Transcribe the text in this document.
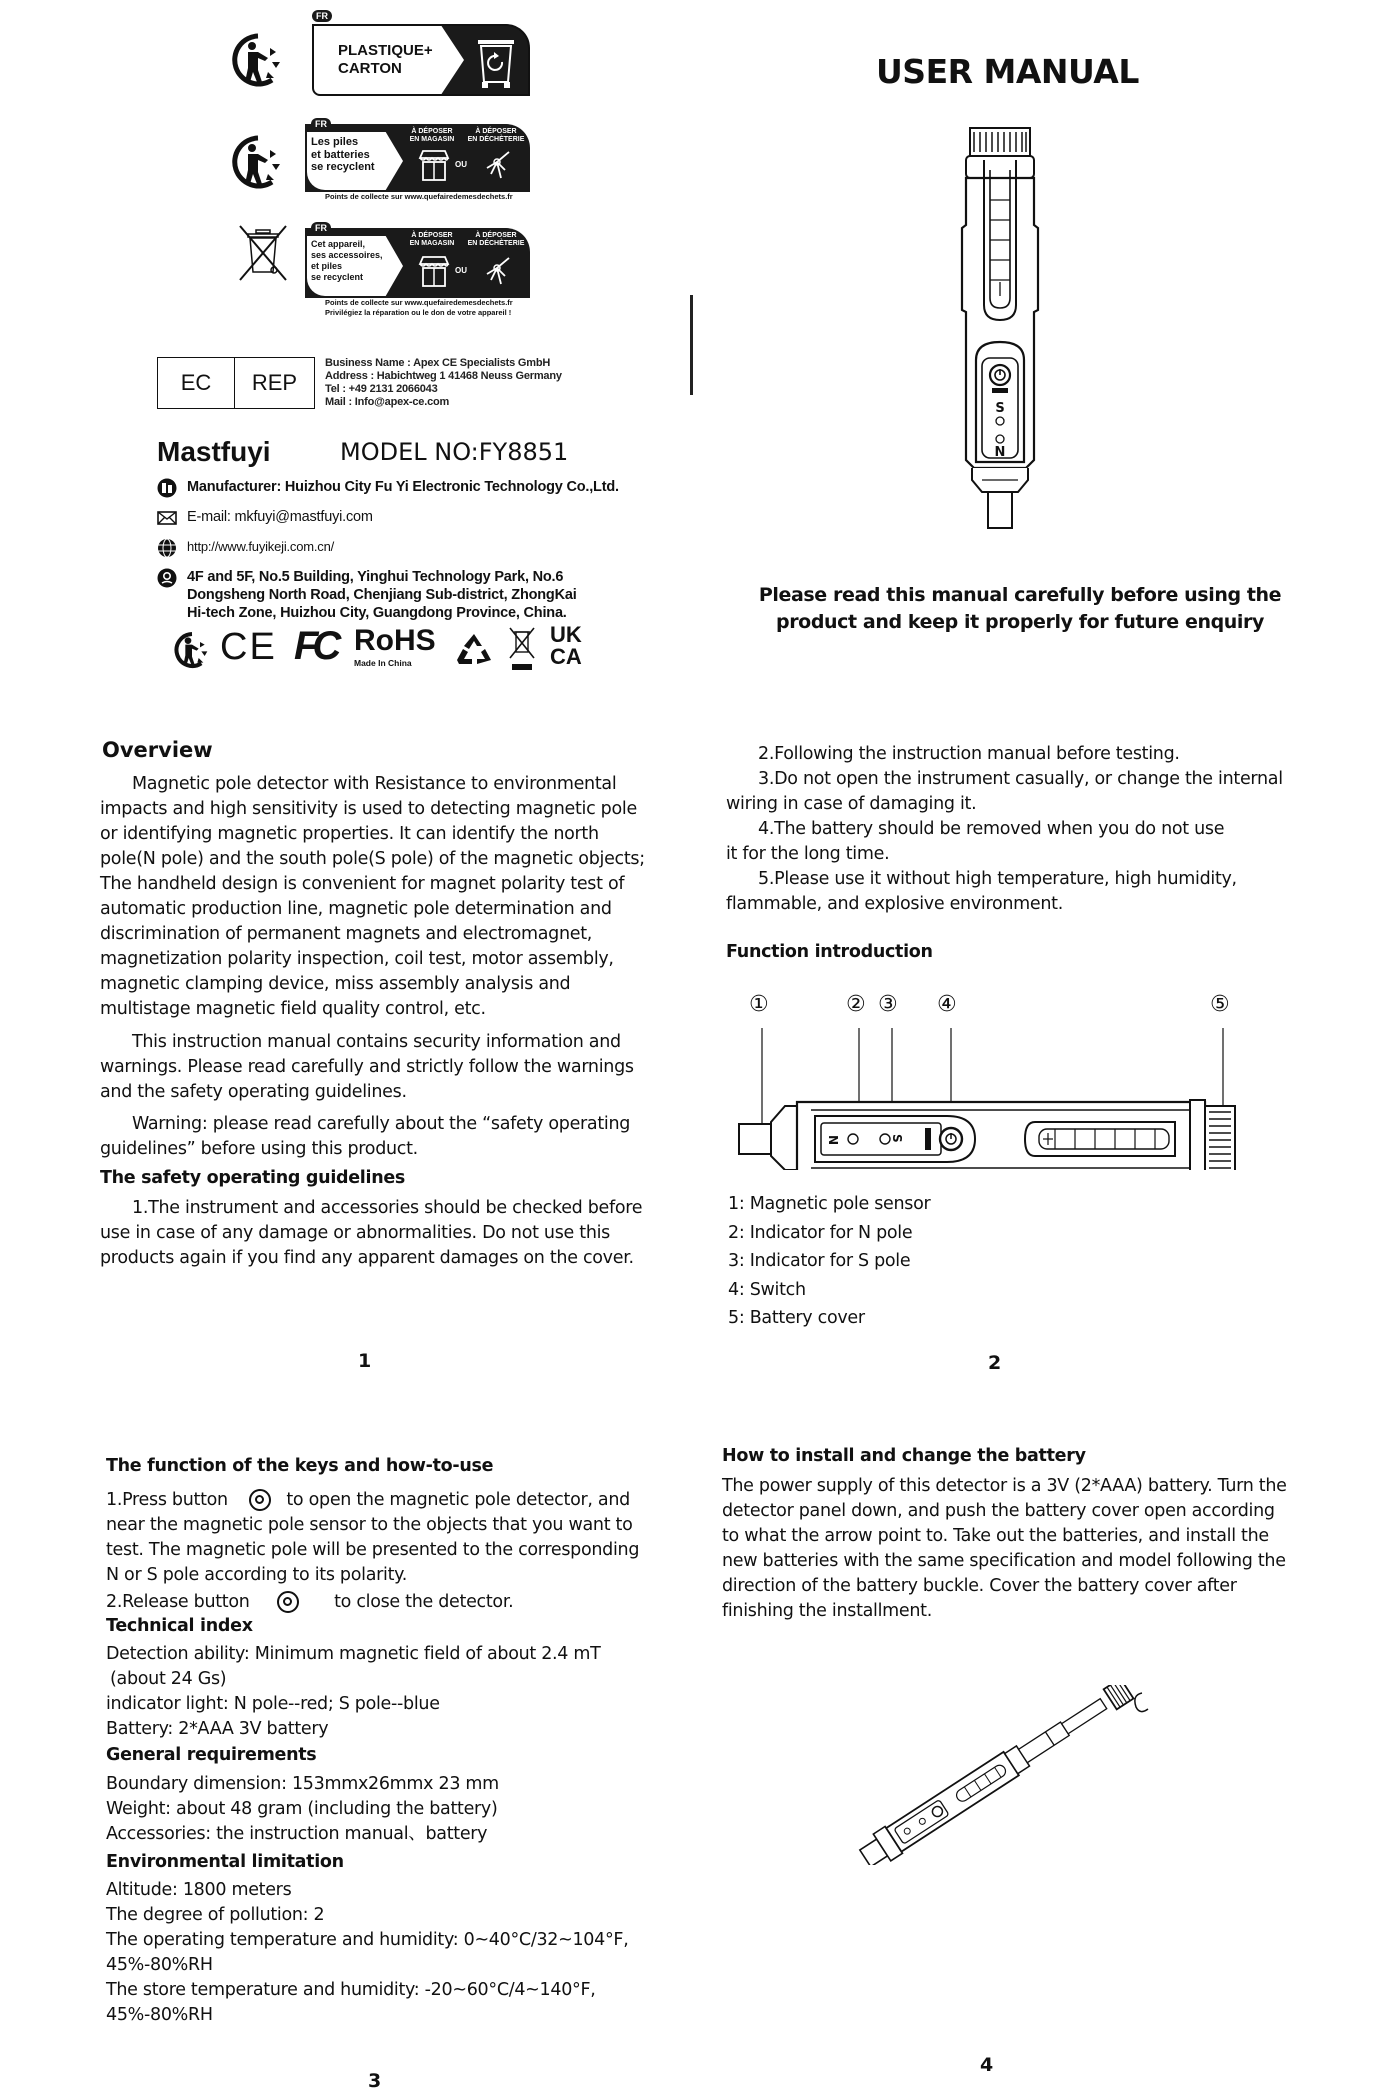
FR
PLASTIQUE+
CARTON
FR
Les piles
et batteries
se recyclent
À DÉPOSER
EN MAGASIN
À DÉPOSER
EN DÉCHÈTERIE
OU
Points de collecte sur www.quefairedemesdechets.fr
FR
Cet appareil,
ses accessoires,
et piles
se recyclent
À DÉPOSER
EN MAGASIN
À DÉPOSER
EN DÉCHÈTERIE
OU
Points de collecte sur www.quefairedemesdechets.fr
Privilégiez la réparation ou le don de votre appareil !
EC	REP
Business Name : Apex CE Specialists GmbH
Address : Habichtweg 1 41468 Neuss Germany
Tel : +49 2131 2066043
Mail : Info@apex-ce.com
Mastfuyi	MODEL NO:FY8851
Manufacturer: Huizhou City Fu Yi Electronic Technology Co.,Ltd.
E-mail: mkfuyi@mastfuyi.com
http://www.fuyikeji.com.cn/
4F and 5F, No.5 Building, Yinghui Technology Park, No.6
Dongsheng North Road, Chenjiang Sub-district, ZhongKai
Hi-tech Zone, Huizhou City, Guangdong Province, China.
CE FC RoHS
Made In China
UK
CA
USER MANUAL
S
N
Please read this manual carefully before using the
product and keep it properly for future enquiry
Overview
Magnetic pole detector with Resistance to environmental impacts and high sensitivity is used to detecting magnetic pole or identifying magnetic properties. It can identify the north pole(N pole) and the south pole(S pole) of the magnetic objects; The handheld design is convenient for magnet polarity test of automatic production line, magnetic pole determination and discrimination of permanent magnets and electromagnet, magnetization polarity inspection, coil test, motor assembly, magnetic clamping device, miss assembly analysis and multistage magnetic field quality control, etc.
This instruction manual contains security information and warnings. Please read carefully and strictly follow the warnings and the safety operating guidelines.
Warning: please read carefully about the “safety operating guidelines” before using this product.
The safety operating guidelines
1.The instrument and accessories should be checked before use in case of any damage or abnormalities. Do not use this products again if you find any apparent damages on the cover.
1
2.Following the instruction manual before testing.
3.Do not open the instrument casually, or change the internal wiring in case of damaging it.
4.The battery should be removed when you do not use
it for the long time.
5.Please use it without high temperature, high humidity, flammable, and explosive environment.
Function introduction
①	② ③ ④	⑤
N	S
1: Magnetic pole sensor
2: Indicator for N pole
3: Indicator for S pole
4: Switch
5: Battery cover
2
The function of the keys and how-to-use
1.Press button	to open the magnetic pole detector, and near the magnetic pole sensor to the objects that you want to test. The magnetic pole will be presented to the corresponding N or S pole according to its polarity.
2.Release button	to close the detector.
Technical index
Detection ability: Minimum magnetic field of about 2.4 mT
(about 24 Gs)
indicator light: N pole--red; S pole--blue
Battery: 2*AAA 3V battery
General requirements
Boundary dimension: 153mmx26mmx 23 mm
Weight: about 48 gram (including the battery)
Accessories: the instruction manual、battery
Environmental limitation
Altitude: 1800 meters
The degree of pollution: 2
The operating temperature and humidity: 0~40°C/32~104°F,
45%-80%RH
The store temperature and humidity: -20~60°C/4~140°F,
45%-80%RH
3
How to install and change the battery
The power supply of this detector is a 3V (2*AAA) battery. Turn the detector panel down, and push the battery cover open according to what the arrow point to. Take out the batteries, and install the new batteries with the same specification and model following the direction of the battery buckle. Cover the battery cover after finishing the installment.
4
